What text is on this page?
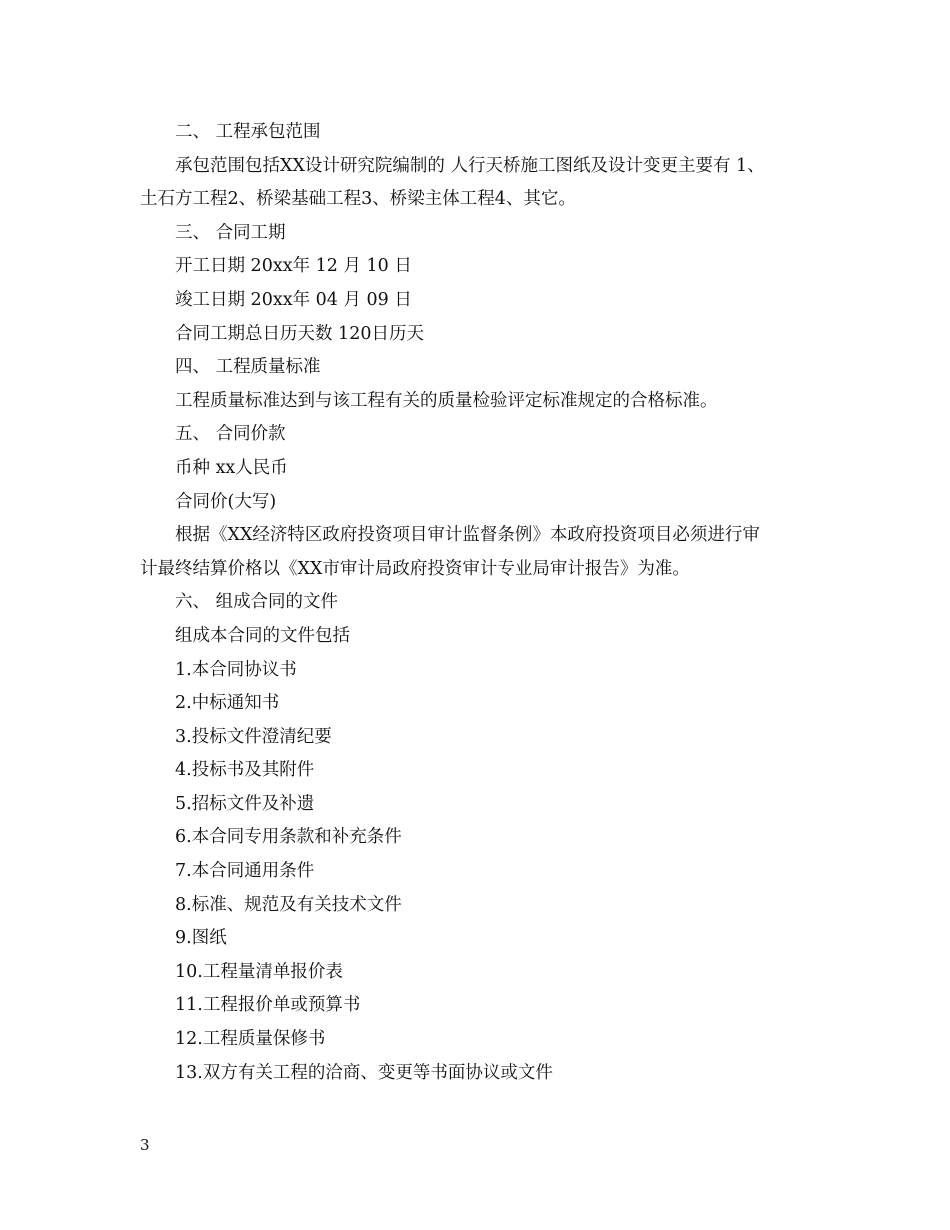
二、 工程承包范围
承包范围包括XX设计研究院编制的 人行天桥施工图纸及设计变更主要有 1、
土石方工程2、桥梁基础工程3、桥梁主体工程4、其它。
三、 合同工期
开工日期 20xx年 12 月 10 日
竣工日期 20xx年 04 月 09 日
合同工期总日历天数 120日历天
四、 工程质量标准
工程质量标准达到与该工程有关的质量检验评定标准规定的合格标准。
五、 合同价款
币种 xx人民币
合同价(大写)
根据《XX经济特区政府投资项目审计监督条例》本政府投资项目必须进行审
计最终结算价格以《XX市审计局政府投资审计专业局审计报告》为准。
六、 组成合同的文件
组成本合同的文件包括
1.本合同协议书
2.中标通知书
3.投标文件澄清纪要
4.投标书及其附件
5.招标文件及补遗
6.本合同专用条款和补充条件
7.本合同通用条件
8.标准、规范及有关技术文件
9.图纸
10.工程量清单报价表
11.工程报价单或预算书
12.工程质量保修书
13.双方有关工程的洽商、变更等书面协议或文件
3
